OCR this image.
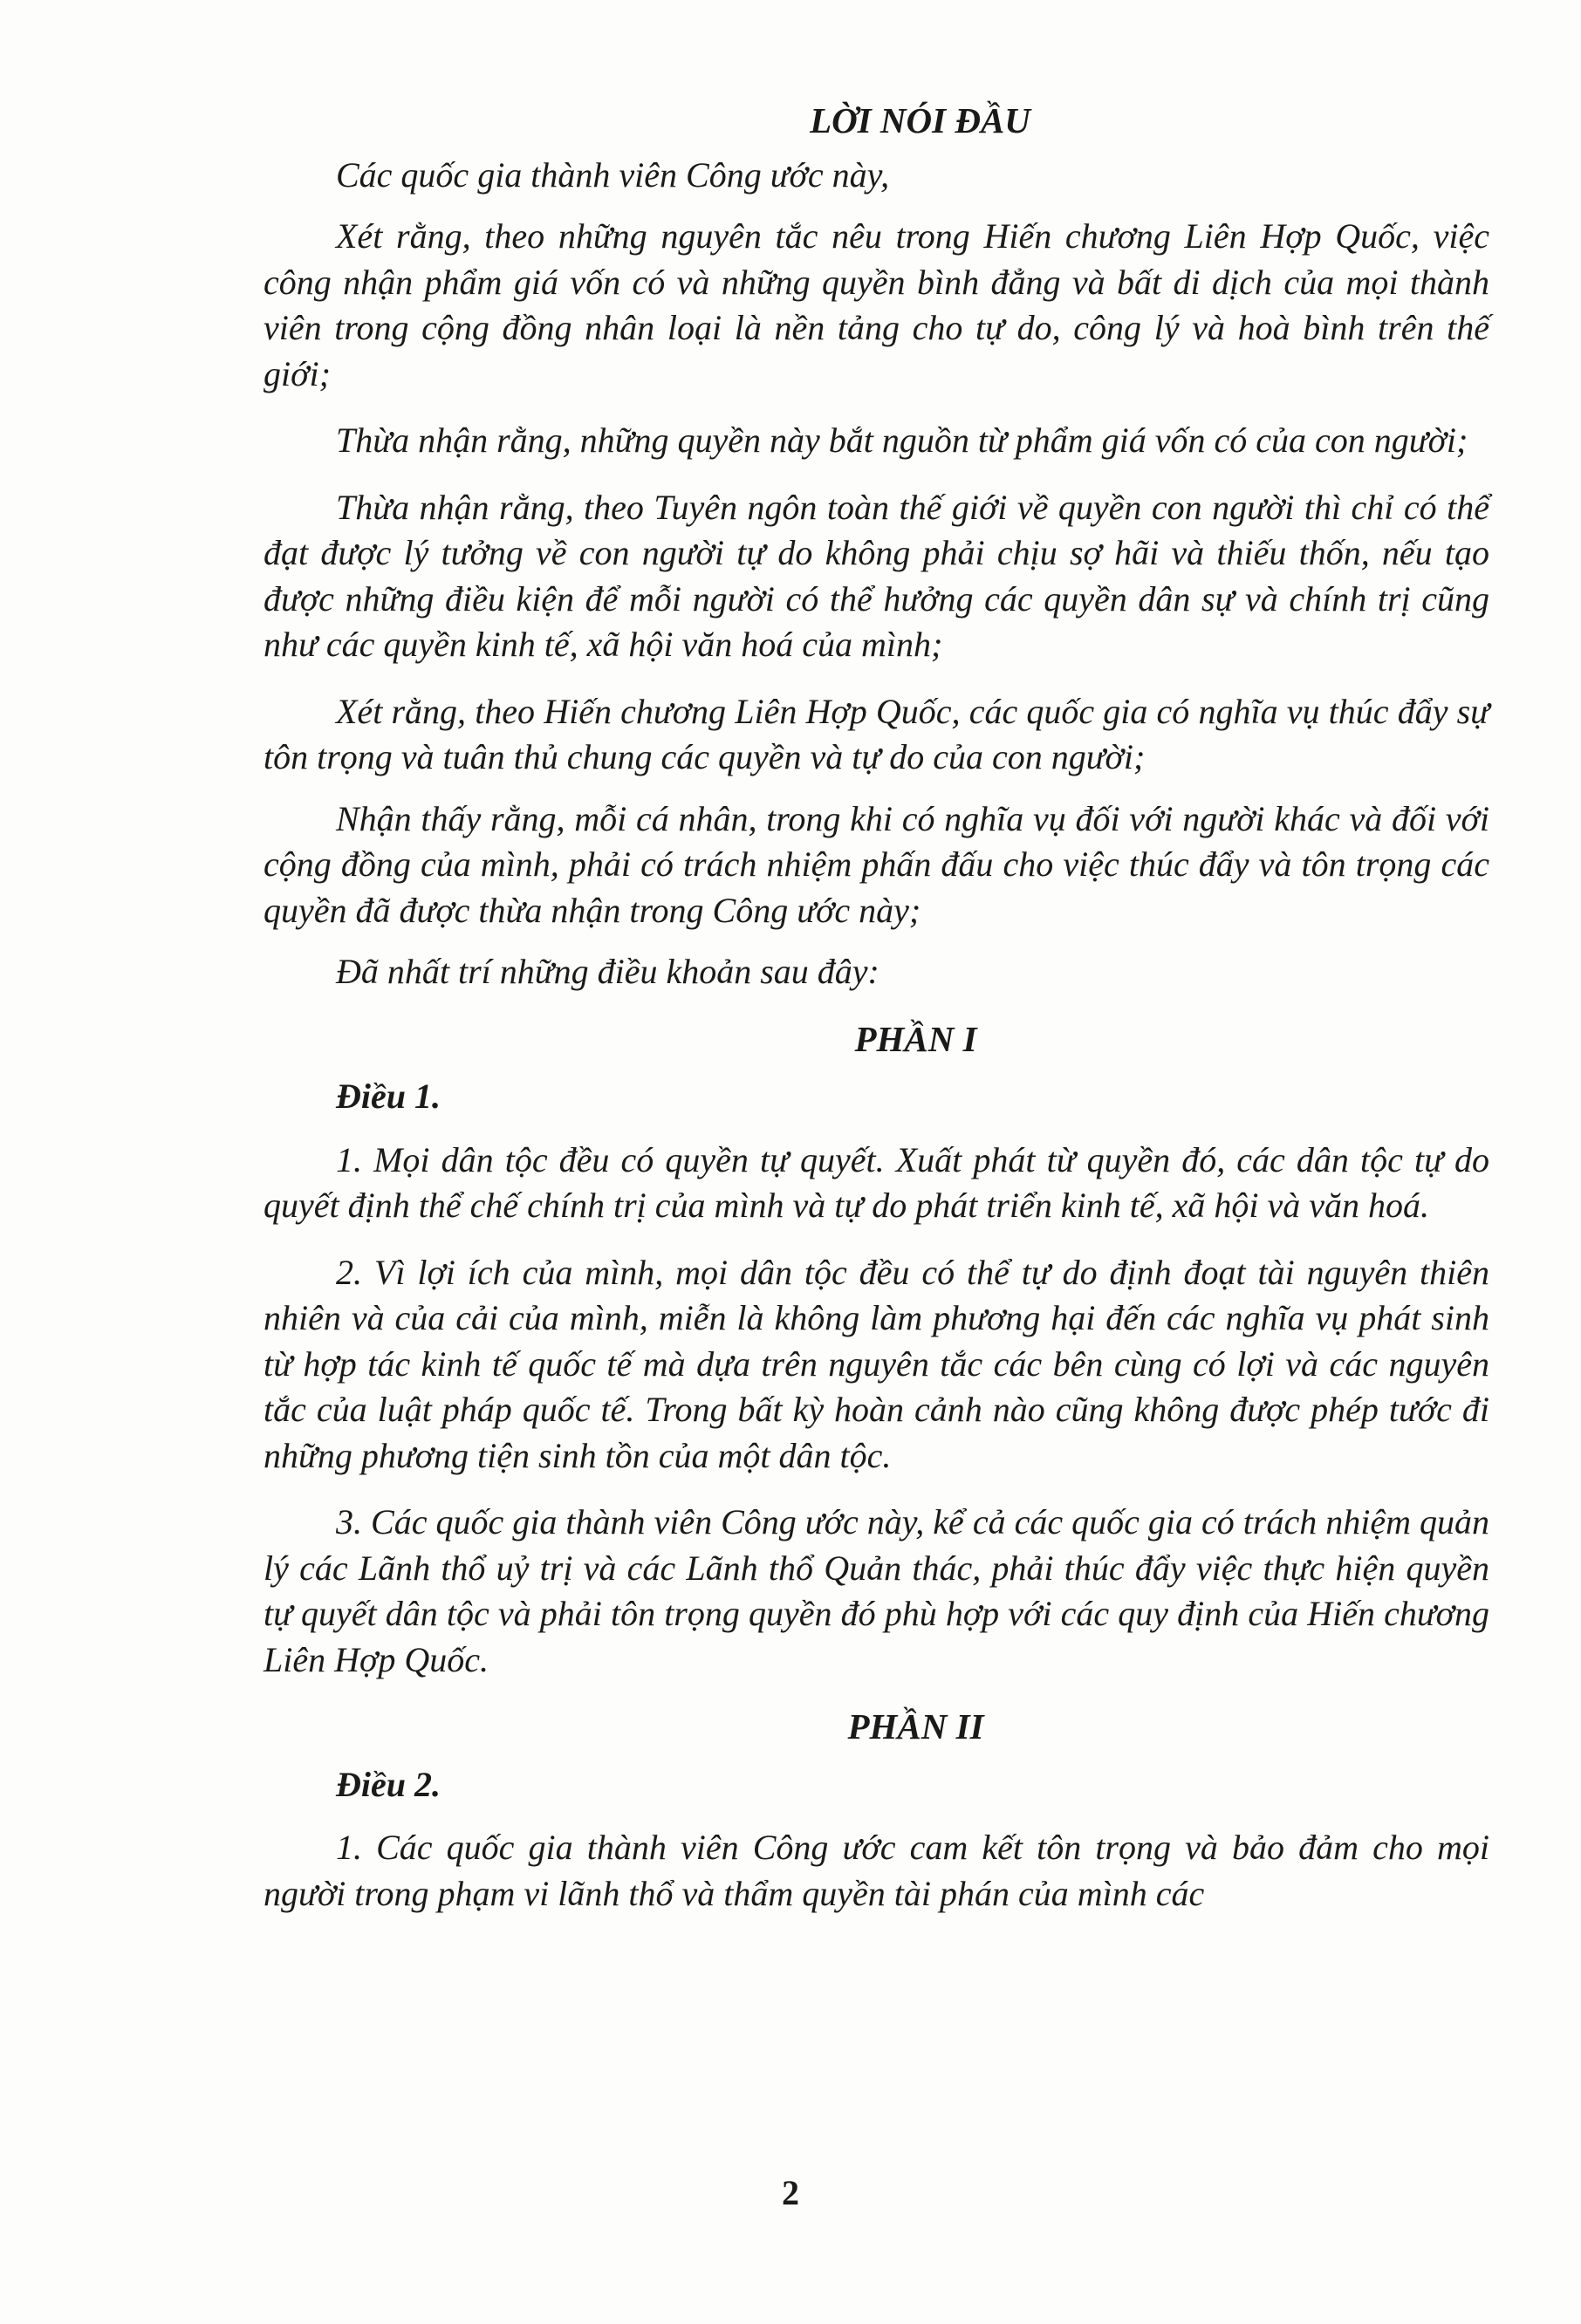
LỜI NÓI ĐẦU

Các quốc gia thành viên Công ước này,

Xét rằng, theo những nguyên tắc nêu trong Hiến chương Liên Hợp Quốc, việc công nhận phẩm giá vốn có và những quyền bình đẳng và bất di dịch của mọi thành viên trong cộng đồng nhân loại là nền tảng cho tự do, công lý và hoà bình trên thế giới;

Thừa nhận rằng, những quyền này bắt nguồn từ phẩm giá vốn có của con người;

Thừa nhận rằng, theo Tuyên ngôn toàn thế giới về quyền con người thì chỉ có thể đạt được lý tưởng về con người tự do không phải chịu sợ hãi và thiếu thốn, nếu tạo được những điều kiện để mỗi người có thể hưởng các quyền dân sự và chính trị cũng như các quyền kinh tế, xã hội văn hoá của mình;

Xét rằng, theo Hiến chương Liên Hợp Quốc, các quốc gia có nghĩa vụ thúc đẩy sự tôn trọng và tuân thủ chung các quyền và tự do của con người;

Nhận thấy rằng, mỗi cá nhân, trong khi có nghĩa vụ đối với người khác và đối với cộng đồng của mình, phải có trách nhiệm phấn đấu cho việc thúc đẩy và tôn trọng các quyền đã được thừa nhận trong Công ước này;

Đã nhất trí những điều khoản sau đây:

PHẦN I

Điều 1.

1. Mọi dân tộc đều có quyền tự quyết. Xuất phát từ quyền đó, các dân tộc tự do quyết định thể chế chính trị của mình và tự do phát triển kinh tế, xã hội và văn hoá.

2. Vì lợi ích của mình, mọi dân tộc đều có thể tự do định đoạt tài nguyên thiên nhiên và của cải của mình, miễn là không làm phương hại đến các nghĩa vụ phát sinh từ hợp tác kinh tế quốc tế mà dựa trên nguyên tắc các bên cùng có lợi và các nguyên tắc của luật pháp quốc tế. Trong bất kỳ hoàn cảnh nào cũng không được phép tước đi những phương tiện sinh tồn của một dân tộc.

3. Các quốc gia thành viên Công ước này, kể cả các quốc gia có trách nhiệm quản lý các Lãnh thổ uỷ trị và các Lãnh thổ Quản thác, phải thúc đẩy việc thực hiện quyền tự quyết dân tộc và phải tôn trọng quyền đó phù hợp với các quy định của Hiến chương Liên Hợp Quốc.

PHẦN II

Điều 2.

1. Các quốc gia thành viên Công ước cam kết tôn trọng và bảo đảm cho mọi người trong phạm vi lãnh thổ và thẩm quyền tài phán của mình các

2
